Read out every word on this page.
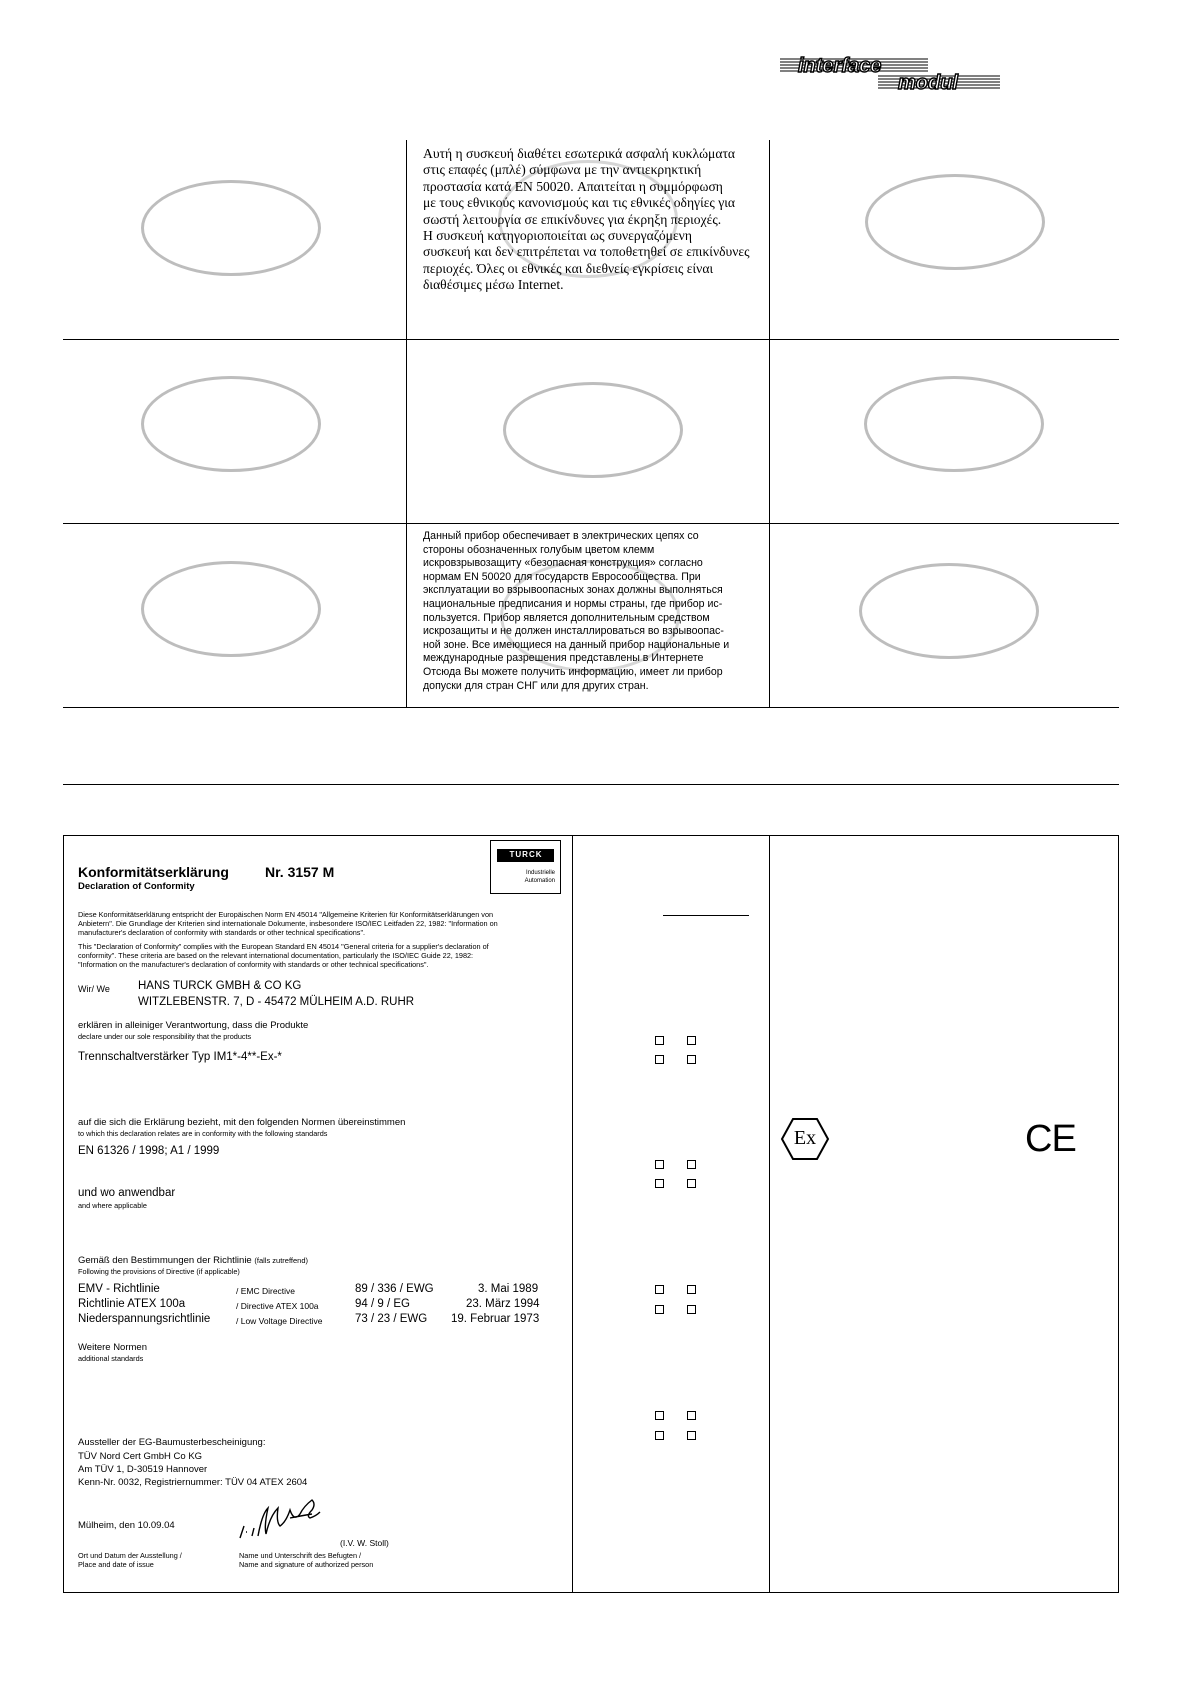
interface
modul
Αυτή η συσκευή διαθέτει εσωτερικά ασφαλή κυκλώματα
στις επαφές (μπλέ) σύμφωνα με την αντιεκρηκτική
προστασία κατά EN 50020. Απαιτείται η συμμόρφωση
με τους εθνικούς κανονισμούς και τις εθνικές οδηγίες για
σωστή λειτουργία σε επικίνδυνες για έκρηξη περιοχές.
Η συσκευή κατηγοριοποιείται ως συνεργαζόμενη
συσκευή και δεν επιτρέπεται να τοποθετηθεί σε επικίνδυνες
περιοχές. Όλες οι εθνικές και διεθνείς εγκρίσεις είναι
διαθέσιμες μέσω Internet.
Данный прибор обеспечивает в электрических цепях со
стороны обозначенных голубым цветом клемм
искровзрывозащиту «безопасная конструкция» согласно
нормам EN 50020 для государств Евросообщества. При
эксплуатации во взрывоопасных зонах должны выполняться
национальные предписания и нормы страны, где прибор ис-
пользуется. Прибор является дополнительным средством
искрозащиты и не должен инсталлироваться во взрывоопас-
ной зоне. Все имеющиеся на данный прибор национальные и
международные разрешения представлены в Интернете
Отсюда Вы можете получить информацию, имеет ли прибор
допуски для стран СНГ или для других стран.
TURCK
Industrielle
Automation
Konformitätserklärung	Nr. 3157 M
Declaration of Conformity
Diese Konformitätserklärung entspricht der Europäischen Norm EN 45014 "Allgemeine Kriterien für Konformitätserklärungen von
Anbietern". Die Grundlage der Kriterien sind internationale Dokumente, insbesondere ISO/IEC Leitfaden 22, 1982: "Information on
manufacturer's declaration of conformity with standards or other technical specifications".
This "Declaration of Conformity" complies with the European Standard EN 45014 "General criteria for a supplier's declaration of
conformity". These criteria are based on the relevant international documentation, particularly the ISO/IEC Guide 22, 1982:
"Information on the manufacturer's declaration of conformity with standards or other technical specifications".
Wir/ We HANS TURCK GMBH & CO KG
WITZLEBENSTR. 7, D - 45472 MÜLHEIM A.D. RUHR
erklären in alleiniger Verantwortung, dass die Produkte
declare under our sole responsibility that the products
Trennschaltverstärker Typ IM1*-4**-Ex-*
auf die sich die Erklärung bezieht, mit den folgenden Normen übereinstimmen
to which this declaration relates are in conformity with the following standards
EN 61326 / 1998; A1 / 1999
und wo anwendbar
and where applicable
Gemäß den Bestimmungen der Richtlinie (falls zutreffend)
Following the provisions of Directive (if applicable)
EMV - Richtlinie	/ EMC Directive	89 / 336 / EWG	3. Mai 1989
Richtlinie ATEX 100a	/ Directive ATEX 100a	94 / 9 / EG	23. März 1994
Niederspannungsrichtlinie	/ Low Voltage Directive	73 / 23 / EWG 19. Februar 1973
Weitere Normen
additional standards
Aussteller der EG-Baumusterbescheinigung:
TÜV Nord Cert GmbH Co KG
Am TÜV 1, D-30519 Hannover
Kenn-Nr. 0032, Registriernummer: TÜV 04 ATEX 2604
Mülheim, den 10.09.04
(I.V. W. Stoll)
Ort und Datum der Ausstellung /
Place and date of issue
Name und Unterschrift des Befugten /
Name and signature of authorized person
Ex	CE
